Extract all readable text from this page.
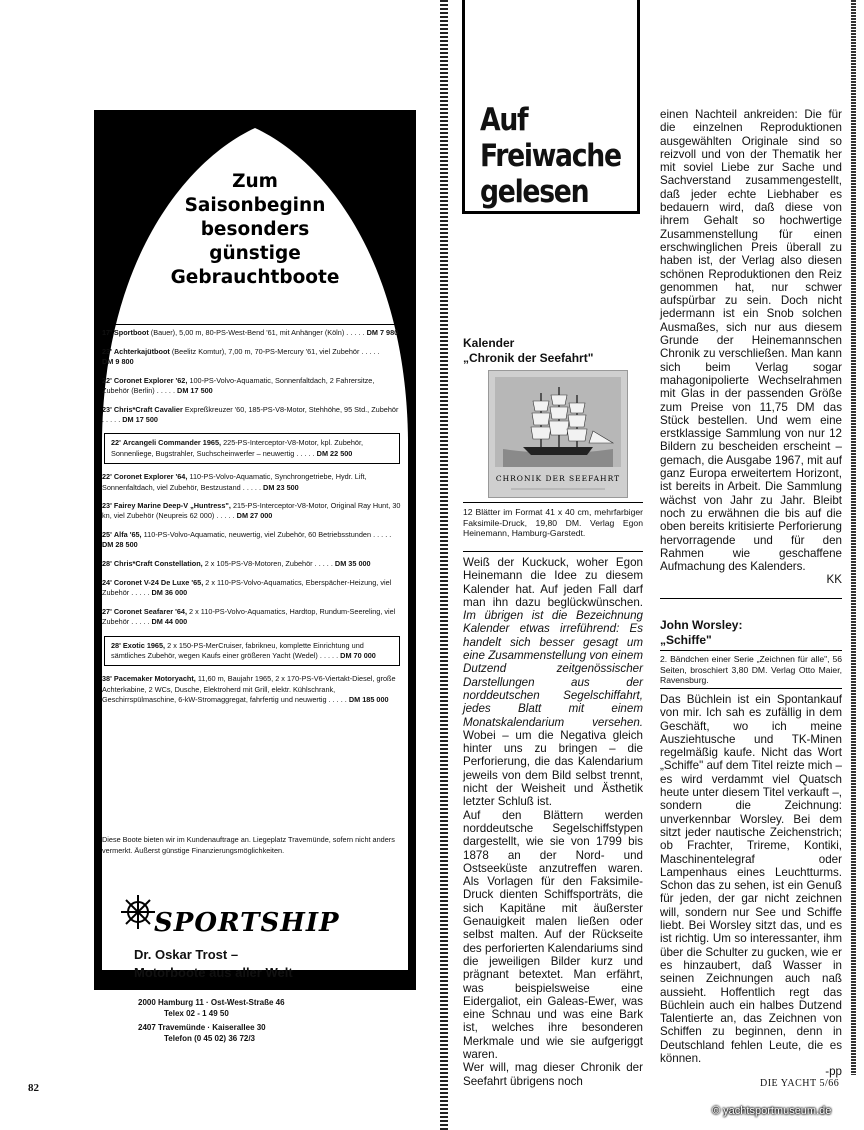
Zum
Saisonbeginn
besonders
günstige
Gebrauchtboote
17' Sportboot (Bauer), 5,00 m, 80-PS-West-Bend '61, mit Anhänger (Köln) . . . . . DM 7 980
23' Achterkajütboot (Beelitz Komtur), 7,00 m, 70-PS-Mercury '61, viel Zubehör . . . . . DM 9 800
22' Coronet Explorer '62, 100-PS-Volvo-Aquamatic, Sonnenfaltdach, 2 Fahrersitze, Zubehör (Berlin) . . . . . DM 17 500
23' Chris*Craft Cavalier Expreßkreuzer '60, 185-PS-V8-Motor, Stehhöhe, 95 Std., Zubehör . . . . . DM 17 500
22' Arcangeli Commander 1965, 225-PS-Interceptor-V8-Motor, kpl. Zubehör, Sonnenliege, Bugstrahler, Suchscheinwerfer – neuwertig . . . . . DM 22 500
22' Coronet Explorer '64, 110-PS-Volvo-Aquamatic, Synchrongetriebe, Hydr. Lift, Sonnenfaltdach, viel Zubehör, Bestzustand . . . . . DM 23 500
23' Fairey Marine Deep-V „Huntress", 215-PS-Interceptor-V8-Motor, Original Ray Hunt, 30 kn, viel Zubehör (Neupreis 62 000) . . . . . DM 27 000
25' Alfa '65, 110-PS-Volvo-Aquamatic, neuwertig, viel Zubehör, 60 Betriebsstunden . . . . . DM 28 500
28' Chris*Craft Constellation, 2 x 105-PS-V8-Motoren, Zubehör . . . . . DM 35 000
24' Coronet V-24 De Luxe '65, 2 x 110-PS-Volvo-Aquamatics, Eberspächer-Heizung, viel Zubehör . . . . . DM 36 000
27' Coronet Seafarer '64, 2 x 110-PS-Volvo-Aquamatics, Hardtop, Rundum-Seereling, viel Zubehör . . . . . DM 44 000
28' Exotic 1965, 2 x 150-PS-MerCruiser, fabrikneu, komplette Einrichtung und sämtliches Zubehör, wegen Kaufs einer größeren Yacht (Wedel) . . . . . DM 70 000
38' Pacemaker Motoryacht, 11,60 m, Baujahr 1965, 2 x 170-PS-V6-Viertakt-Diesel, große Achterkabine, 2 WCs, Dusche, Elektroherd mit Grill, elektr. Kühlschrank, Geschirrspülmaschine, 6-kW-Stromaggregat, fahrfertig und neuwertig . . . . . DM 185 000
Diese Boote bieten wir im Kundenauftrage an. Liegeplatz Travemünde, sofern nicht anders vermerkt. Äußerst günstige Finanzierungsmöglichkeiten.
SPORTSHIP
Dr. Oskar Trost –
Motorboote aus aller Welt
2000 Hamburg 11 · Ost-West-Straße 46
Telex 02 - 1 49 50
2407 Travemünde · Kaiserallee 30
Telefon (0 45 02) 36 72/3
82	DIE YACHT 5/66
© yachtsportmuseum.de
Auf
Freiwache
gelesen
Kalender
„Chronik der Seefahrt"
CHRONIK DER SEEFAHRT
12 Blätter im Format 41 x 40 cm, mehrfarbiger Faksimile-Druck, 19,80 DM. Verlag Egon Heinemann, Hamburg-Garstedt.

Weiß der Kuckuck, woher Egon Heinemann die Idee zu diesem Kalender hat. Auf jeden Fall darf man ihn dazu beglückwünschen. Im übrigen ist die Bezeichnung Kalender etwas irreführend: Es handelt sich besser gesagt um eine Zusammenstellung von einem Dutzend zeitgenössischer Darstellungen aus der norddeutschen Segelschiffahrt, jedes Blatt mit einem Monatskalendarium versehen. Wobei – um die Negativa gleich hinter uns zu bringen – die Perforierung, die das Kalendarium jeweils von dem Bild selbst trennt, nicht der Weisheit und Ästhetik letzter Schluß ist.

Auf den Blättern werden norddeutsche Segelschiffstypen dargestellt, wie sie von 1799 bis 1878 an der Nord- und Ostseeküste anzutreffen waren. Als Vorlagen für den Faksimile-Druck dienten Schiffsporträts, die sich Kapitäne mit äußerster Genauigkeit malen ließen oder selbst malten. Auf der Rückseite des perforierten Kalendariums sind die jeweiligen Bilder kurz und prägnant betextet. Man erfährt, was beispielsweise eine Eidergaliot, ein Galeas-Ewer, was eine Schnau und was eine Bark ist, welches ihre besonderen Merkmale und wie sie aufgeriggt waren.

Wer will, mag dieser Chronik der Seefahrt übrigens noch

einen Nachteil ankreiden: Die für die einzelnen Reproduktionen ausgewählten Originale sind so reizvoll und von der Thematik her mit soviel Liebe zur Sache und Sachverstand zusammengestellt, daß jeder echte Liebhaber es bedauern wird, daß diese von ihrem Gehalt so hochwertige Zusammenstellung für einen erschwinglichen Preis überall zu haben ist, der Verlag also diesen schönen Reproduktionen den Reiz genommen hat, nur schwer aufspürbar zu sein. Doch nicht jedermann ist ein Snob solchen Ausmaßes, sich nur aus diesem Grunde der Heinemannschen Chronik zu verschließen. Man kann sich beim Verlag sogar mahagonipolierte Wechselrahmen mit Glas in der passenden Größe zum Preise von 11,75 DM das Stück bestellen. Und wem eine erstklassige Sammlung von nur 12 Bildern zu bescheiden erscheint – gemach, die Ausgabe 1967, mit auf ganz Europa erweitertem Horizont, ist bereits in Arbeit. Die Sammlung wächst von Jahr zu Jahr. Bleibt noch zu erwähnen die bis auf die oben bereits kritisierte Perforierung hervorragende und für den Rahmen wie geschaffene Aufmachung des Kalenders.

KK

John Worsley:
„Schiffe"
2. Bändchen einer Serie „Zeichnen für alle", 56 Seiten, broschiert 3,80 DM. Verlag Otto Maier, Ravensburg.

Das Büchlein ist ein Spontankauf von mir. Ich sah es zufällig in dem Geschäft, wo ich meine Ausziehtusche und TK-Minen regelmäßig kaufe. Nicht das Wort „Schiffe" auf dem Titel reizte mich – es wird verdammt viel Quatsch heute unter diesem Titel verkauft –, sondern die Zeichnung: unverkennbar Worsley. Bei dem sitzt jeder nautische Zeichenstrich; ob Frachter, Trireme, Kontiki, Maschinentelegraf oder Lampenhaus eines Leuchtturms. Schon das zu sehen, ist ein Genuß für jeden, der gar nicht zeichnen will, sondern nur See und Schiffe liebt. Bei Worsley sitzt das, und es ist richtig. Um so interessanter, ihm über die Schulter zu gucken, wie er es hinzaubert, daß Wasser in seinen Zeichnungen auch naß aussieht. Hoffentlich regt das Büchlein auch ein halbes Dutzend Talentierte an, das Zeichnen von Schiffen zu beginnen, denn in Deutschland fehlen Leute, die es können.

-pp
